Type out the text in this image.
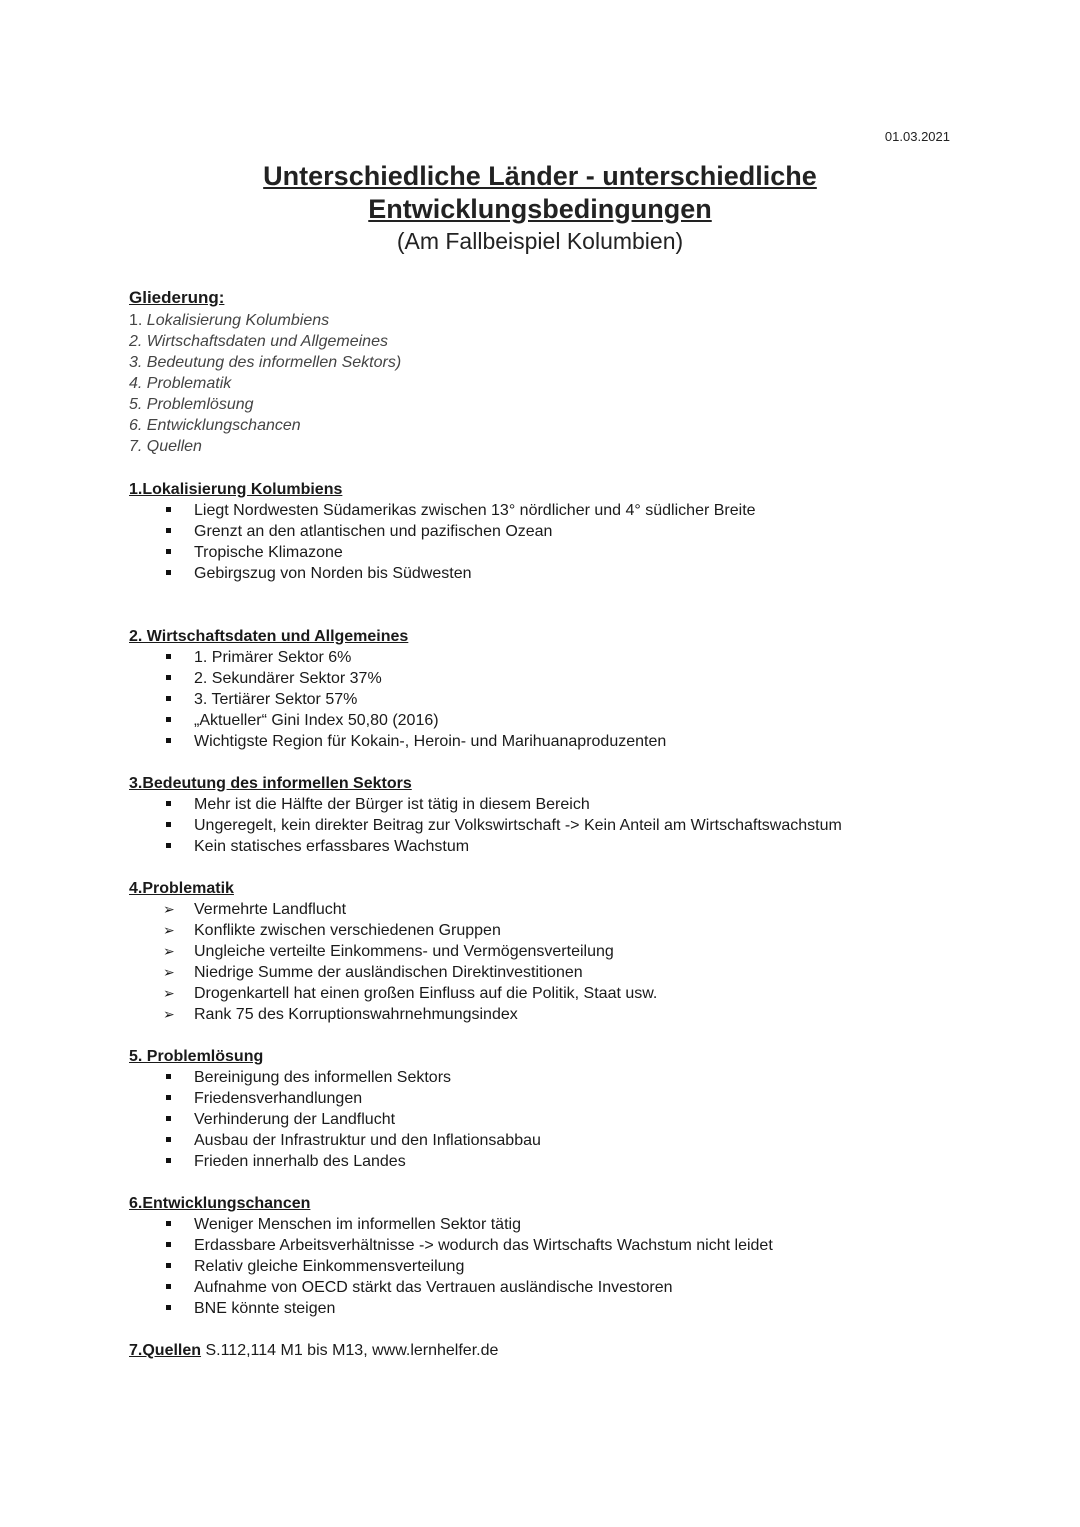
01.03.2021
Unterschiedliche Länder - unterschiedliche
Entwicklungsbedingungen
(Am Fallbeispiel Kolumbien)
Gliederung:
1. Lokalisierung Kolumbiens
2. Wirtschaftsdaten und Allgemeines
3. Bedeutung des informellen Sektors)
4. Problematik
5. Problemlösung
6. Entwicklungschancen
7. Quellen
1.Lokalisierung Kolumbiens
Liegt Nordwesten Südamerikas zwischen 13° nördlicher und 4° südlicher Breite
Grenzt an den atlantischen und pazifischen Ozean
Tropische Klimazone
Gebirgszug von Norden bis Südwesten
2. Wirtschaftsdaten und Allgemeines
1. Primärer Sektor 6%
2. Sekundärer Sektor 37%
3. Tertiärer Sektor 57%
„Aktueller“ Gini Index 50,80 (2016)
Wichtigste Region für Kokain-, Heroin- und Marihuanaproduzenten
3.Bedeutung des informellen Sektors
Mehr ist die Hälfte der Bürger ist tätig in diesem Bereich
Ungeregelt, kein direkter Beitrag zur Volkswirtschaft -> Kein Anteil am Wirtschaftswachstum
Kein statisches erfassbares Wachstum
4.Problematik
➢
Vermehrte Landflucht
➢
Konflikte zwischen verschiedenen Gruppen
➢
Ungleiche verteilte Einkommens- und Vermögensverteilung
➢
Niedrige Summe der ausländischen Direktinvestitionen
➢
Drogenkartell hat einen großen Einfluss auf die Politik, Staat usw.
➢
Rank 75 des Korruptionswahrnehmungsindex
5. Problemlösung
Bereinigung des informellen Sektors
Friedensverhandlungen
Verhinderung der Landflucht
Ausbau der Infrastruktur und den Inflationsabbau
Frieden innerhalb des Landes
6.Entwicklungschancen
Weniger Menschen im informellen Sektor tätig
Erdassbare Arbeitsverhältnisse -> wodurch das Wirtschafts Wachstum nicht leidet
Relativ gleiche Einkommensverteilung
Aufnahme von OECD stärkt das Vertrauen ausländische Investoren
BNE könnte steigen
7.Quellen S.112,114 M1 bis M13, www.lernhelfer.de
